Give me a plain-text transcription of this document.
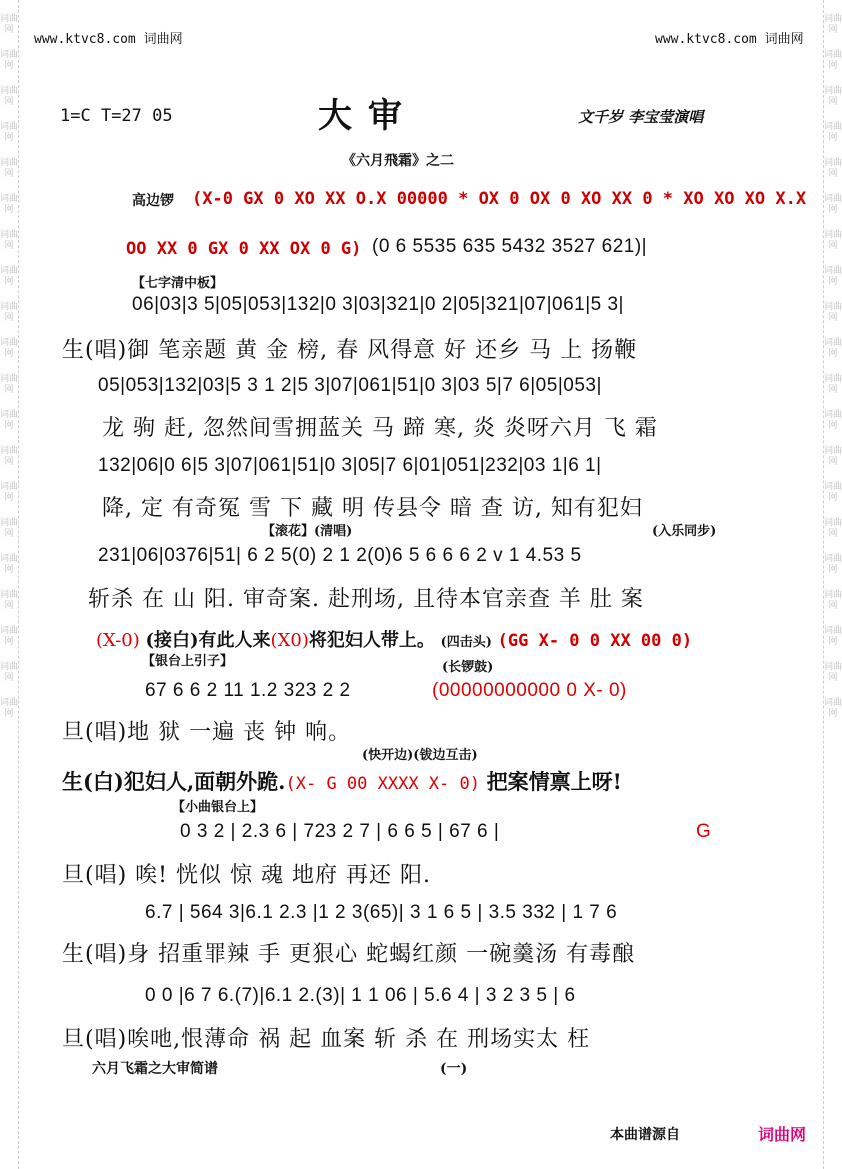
词曲网
词曲网
词曲网
词曲网
词曲网
词曲网
词曲网
词曲网
词曲网
词曲网
词曲网
词曲网
词曲网
词曲网
词曲网
词曲网
词曲网
词曲网
词曲网
词曲网
词曲网
词曲网
词曲网
词曲网
词曲网
词曲网
词曲网
词曲网
词曲网
词曲网
词曲网
词曲网
词曲网
词曲网
词曲网
词曲网
词曲网
词曲网
词曲网
词曲网
www.ktvc8.com 词曲网	www.ktvc8.com 词曲网
1=C T=27 05	大 审	文千岁 李宝莹演唱
《六月飛霜》之二
高边锣 (X-0 GX 0 XO XX O.X 00000 * OX 0 OX 0 XO XX 0 * XO XO XO X.X
OO XX 0 GX 0 XX OX 0 G) (0 6 5535 635 5432 3527 621)|
【七字清中板】
06|03|3 5|05|053|132|0 3|03|321|0 2|05|321|07|061|5 3|
生(唱)御 笔亲题 黄 金 榜, 春 风得意 好 还乡 马 上 扬鞭
05|053|132|03|5 3 1 2|5 3|07|061|51|0 3|03 5|7 6|05|053|
龙 驹 赶, 忽然间雪拥蓝关 马 蹄 寒, 炎 炎呀六月 飞 霜
132|06|0 6|5 3|07|061|51|0 3|05|7 6|01|051|232|03 1|6 1|
降, 定 有奇冤 雪 下 藏 明 传县令 暗 查 访, 知有犯妇
【滚花】(清唱)	(入乐同步)
231|06|0376|51| 6 2 5(0) 2 1 2(0)6 5 6 6 6 2 v 1 4.53 5
斩杀 在 山 阳. 审奇案. 赴刑场, 且待本官亲查 羊 肚 案
(X-0) (接白)有此人来(X0)将犯妇人带上。 (四击头) (GG X- 0 0 XX 00 0)
【银台上引子】	(长锣鼓)
67 6 6 2 11 1.2 323 2 2	(00000000000 0 X- 0)
旦(唱)地 狱 一遍 丧 钟 响。
(快开边)(钹边互击)
生(白)犯妇人,面朝外跪.(X- G 00 XXXX X- 0) 把案情禀上呀!
【小曲银台上】
0 3 2 | 2.3 6 | 723 2 7 | 6 6 5 | 67 6 |	G
旦(唱) 唉! 恍似 惊 魂 地府 再还 阳.
6.7 | 564 3|6.1 2.3 |1 2 3(65)| 3 1 6 5 | 3.5 332 | 1 7 6
生(唱)身 招重罪辣 手 更狠心 蛇蝎红颜 一碗羹汤 有毒酿
0 0 |6 7 6.(7)|6.1 2.(3)| 1 1 06 | 5.6 4 | 3 2 3 5 | 6
旦(唱)唉吔,恨薄命 祸 起 血案 斩 杀 在 刑场实太 枉
六月飞霜之大审简谱	(一)
本曲谱源自	词曲网
